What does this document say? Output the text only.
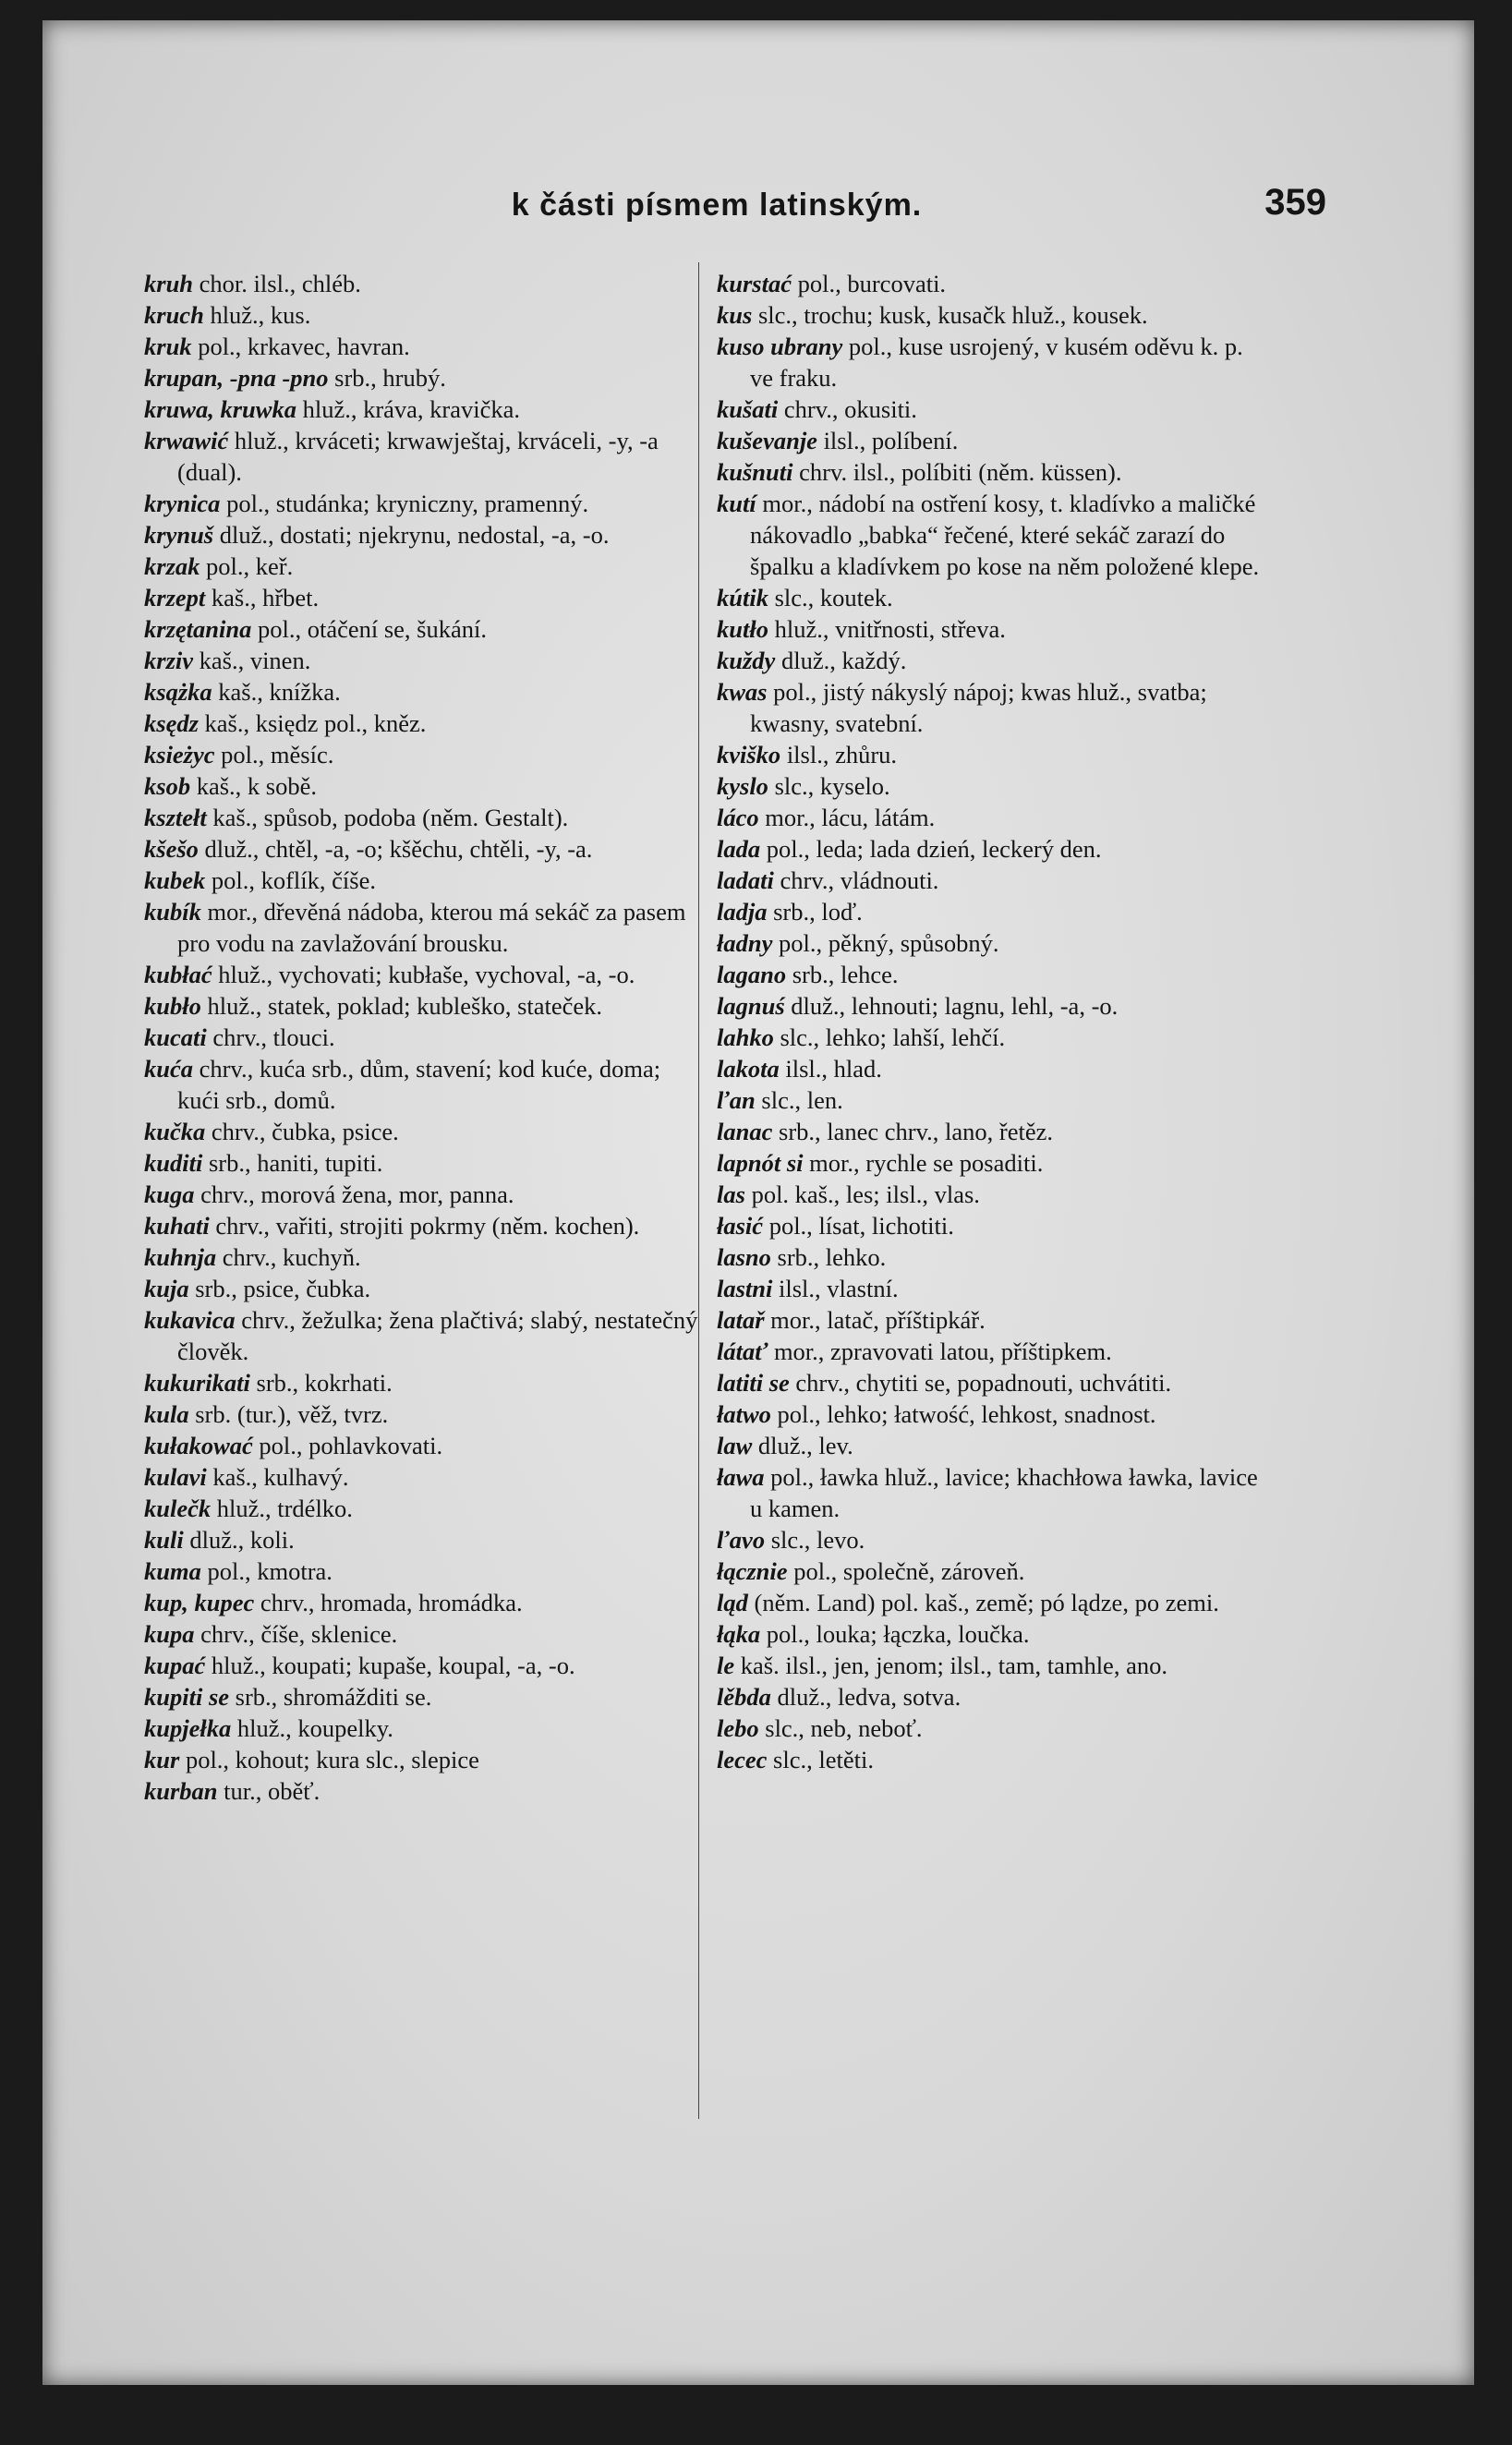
k části písmem latinským.	359
kruh chor. ilsl., chléb.
kruch hluž., kus.
kruk pol., krkavec, havran.
krupan, -pna -pno srb., hrubý.
kruwa, kruwka hluž., kráva, kravička.
krwawić hluž., krváceti; krwawještaj, krváceli, -y, -a (dual).
krynica pol., studánka; kryniczny, pramenný.
krynuš dluž., dostati; njekrynu, nedostal, -a, -o.
krzak pol., keř.
krzept kaš., hřbet.
krzętanina pol., otáčení se, šukání.
krziv kaš., vinen.
ksążka kaš., knížka.
ksędz kaš., księdz pol., kněz.
ksieżyc pol., měsíc.
ksob kaš., k sobě.
ksztełt kaš., spůsob, podoba (něm. Gestalt).
kšešo dluž., chtěl, -a, -o; kšěchu, chtěli, -y, -a.
kubek pol., koflík, číše.
kubík mor., dřevěná nádoba, kterou má sekáč za pasem pro vodu na zavlažování brousku.
kubłać hluž., vychovati; kubłaše, vychoval, -a, -o.
kubło hluž., statek, poklad; kubleško, stateček.
kucati chrv., tlouci.
kuća chrv., kuća srb., dům, stavení; kod kuće, doma; kući srb., domů.
kučka chrv., čubka, psice.
kuditi srb., haniti, tupiti.
kuga chrv., morová žena, mor, panna.
kuhati chrv., vařiti, strojiti pokrmy (něm. kochen).
kuhnja chrv., kuchyň.
kuja srb., psice, čubka.
kukavica chrv., žežulka; žena plačtivá; slabý, nestatečný člověk.
kukurikati srb., kokrhati.
kula srb. (tur.), věž, tvrz.
kułakować pol., pohlavkovati.
kulavi kaš., kulhavý.
kulečk hluž., trdélko.
kuli dluž., koli.
kuma pol., kmotra.
kup, kupec chrv., hromada, hromádka.
kupa chrv., číše, sklenice.
kupać hluž., koupati; kupaše, koupal, -a, -o.
kupiti se srb., shromážditi se.
kupjełka hluž., koupelky.
kur pol., kohout; kura slc., slepice
kurban tur., oběť.
kurstać pol., burcovati.
kus slc., trochu; kusk, kusačk hluž., kousek.
kuso ubrany pol., kuse usrojený, v kusém oděvu k. p. ve fraku.
kušati chrv., okusiti.
kuševanje ilsl., políbení.
kušnuti chrv. ilsl., políbiti (něm. küssen).
kutí mor., nádobí na ostření kosy, t. kladívko a maličké nákovadlo „babka“ řečené, které sekáč zarazí do špalku a kladívkem po kose na něm položené klepe.
kútik slc., koutek.
kutło hluž., vnitřnosti, střeva.
kuždy dluž., každý.
kwas pol., jistý nákyslý nápoj; kwas hluž., svatba; kwasny, svatební.
kviško ilsl., zhůru.
kyslo slc., kyselo.
láco mor., lácu, látám.
lada pol., leda; lada dzień, leckerý den.
ladati chrv., vládnouti.
ladja srb., loď.
ładny pol., pěkný, spůsobný.
lagano srb., lehce.
lagnuś dluž., lehnouti; lagnu, lehl, -a, -o.
lahko slc., lehko; lahší, lehčí.
lakota ilsl., hlad.
ľan slc., len.
lanac srb., lanec chrv., lano, řetěz.
lapnót si mor., rychle se posaditi.
las pol. kaš., les; ilsl., vlas.
łasić pol., lísat, lichotiti.
lasno srb., lehko.
lastni ilsl., vlastní.
latař mor., latač, příštipkář.
látať mor., zpravovati latou, příštipkem.
latiti se chrv., chytiti se, popadnouti, uchvátiti.
łatwo pol., lehko; łatwość, lehkost, snadnost.
law dluž., lev.
ława pol., ławka hluž., lavice; khachłowa ławka, lavice u kamen.
ľavo slc., levo.
łącznie pol., společně, zároveň.
ląd (něm. Land) pol. kaš., země; pó lądze, po zemi.
łąka pol., louka; łączka, loučka.
le kaš. ilsl., jen, jenom; ilsl., tam, tamhle, ano.
lěbda dluž., ledva, sotva.
lebo slc., neb, neboť.
lecec slc., letěti.
